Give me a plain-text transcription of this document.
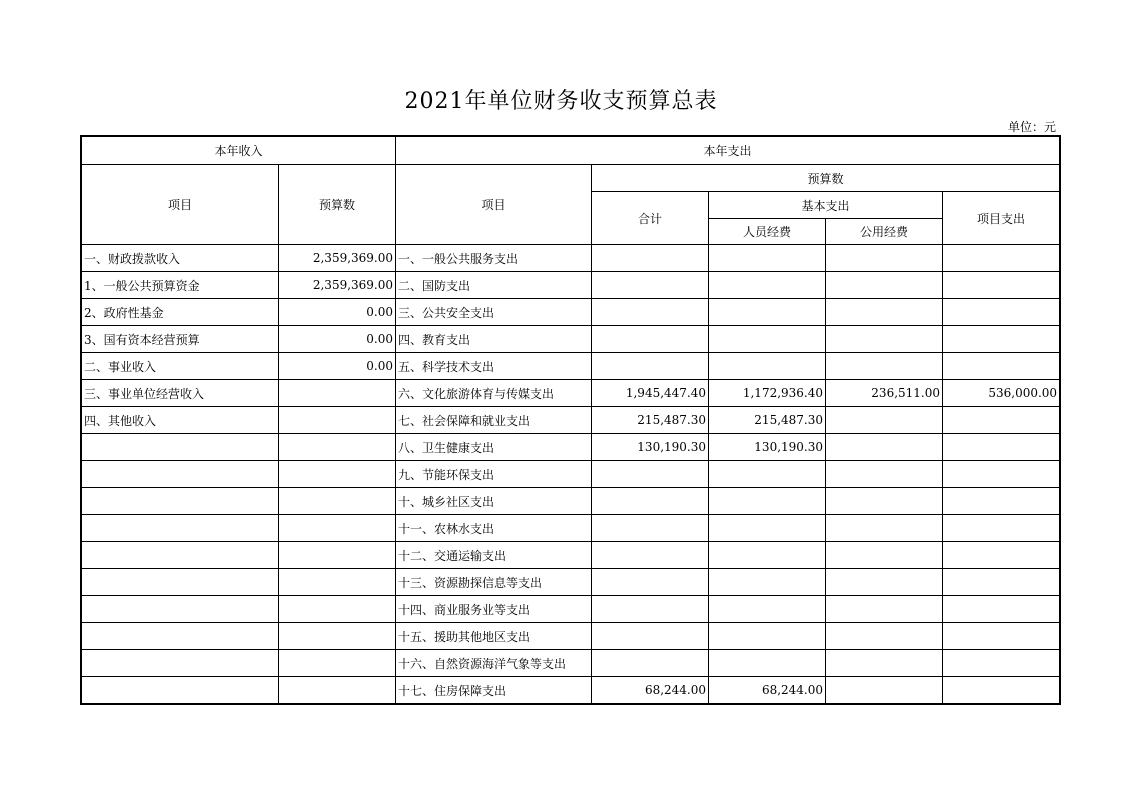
2021年单位财务收支预算总表
单位：元
本年收入		本年支出				
项目	预算数	项目	预算数			
			合计	基本支出		项目支出
				人员经费	公用经费	
一、财政拨款收入	2,359,369.00	一、一般公共服务支出				
1、一般公共预算资金	2,359,369.00	二、国防支出				
2、政府性基金	0.00	三、公共安全支出				
3、国有资本经营预算	0.00	四、教育支出				
二、事业收入	0.00	五、科学技术支出				
三、事业单位经营收入		六、文化旅游体育与传媒支出	1,945,447.40	1,172,936.40	236,511.00	536,000.00
四、其他收入		七、社会保障和就业支出	215,487.30	215,487.30		
		八、卫生健康支出	130,190.30	130,190.30		
		九、节能环保支出				
		十、城乡社区支出				
		十一、农林水支出				
		十二、交通运输支出				
		十三、资源勘探信息等支出				
		十四、商业服务业等支出				
		十五、援助其他地区支出				
		十六、自然资源海洋气象等支出				
		十七、住房保障支出	68,244.00	68,244.00		
